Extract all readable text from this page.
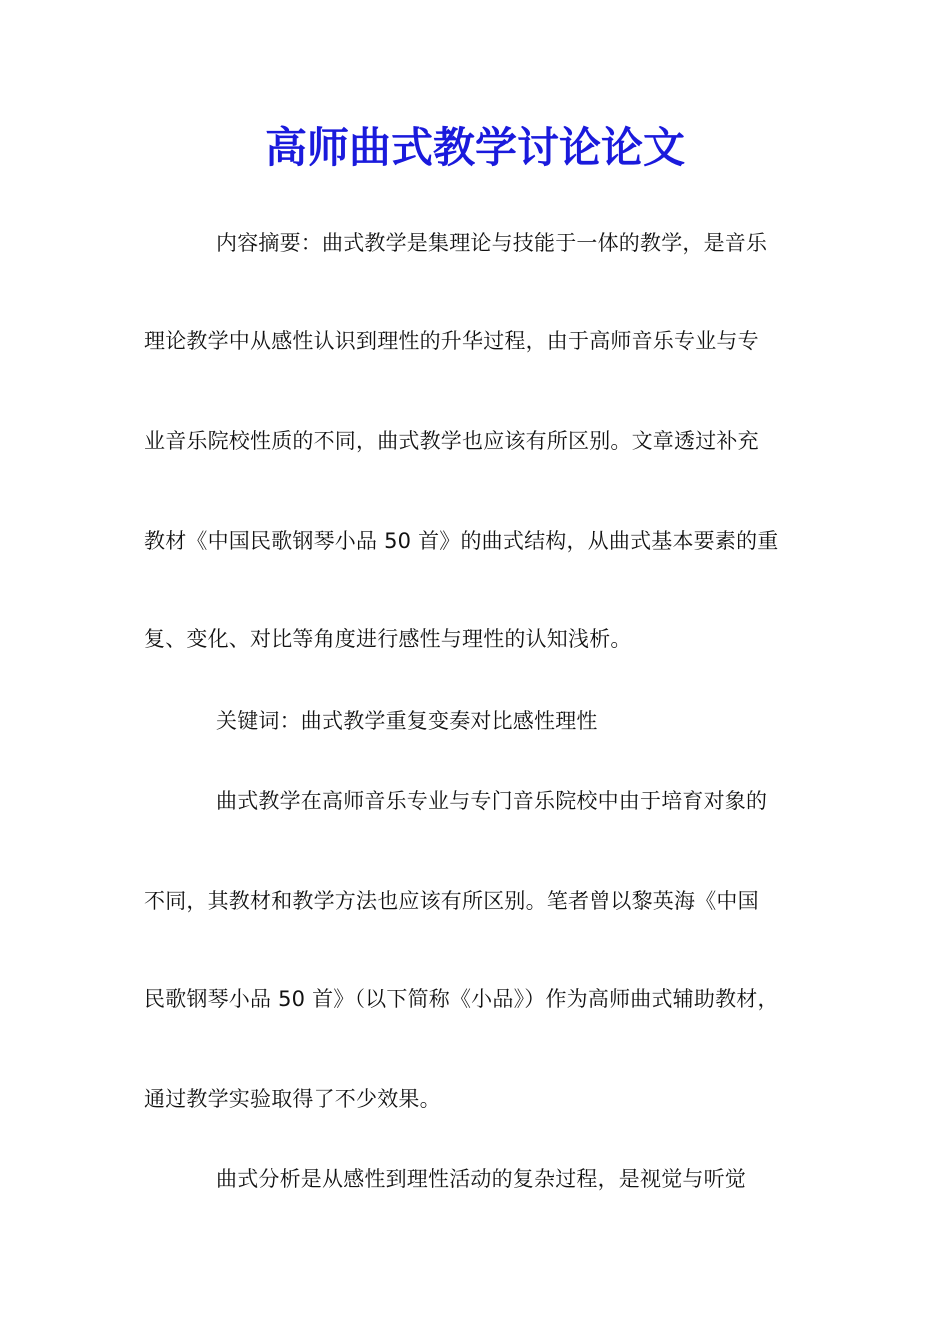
高师曲式教学讨论论文

内容摘要：曲式教学是集理论与技能于一体的教学，是音乐

理论教学中从感性认识到理性的升华过程，由于高师音乐专业与专

业音乐院校性质的不同，曲式教学也应该有所区别。文章透过补充

教材《中国民歌钢琴小品 50 首》的曲式结构，从曲式基本要素的重

复、变化、对比等角度进行感性与理性的认知浅析。

关键词：曲式教学重复变奏对比感性理性

曲式教学在高师音乐专业与专门音乐院校中由于培育对象的

不同，其教材和教学方法也应该有所区别。笔者曾以黎英海《中国

民歌钢琴小品 50 首》（以下简称《小品》）作为高师曲式辅助教材，

通过教学实验取得了不少效果。

曲式分析是从感性到理性活动的复杂过程，是视觉与听觉
